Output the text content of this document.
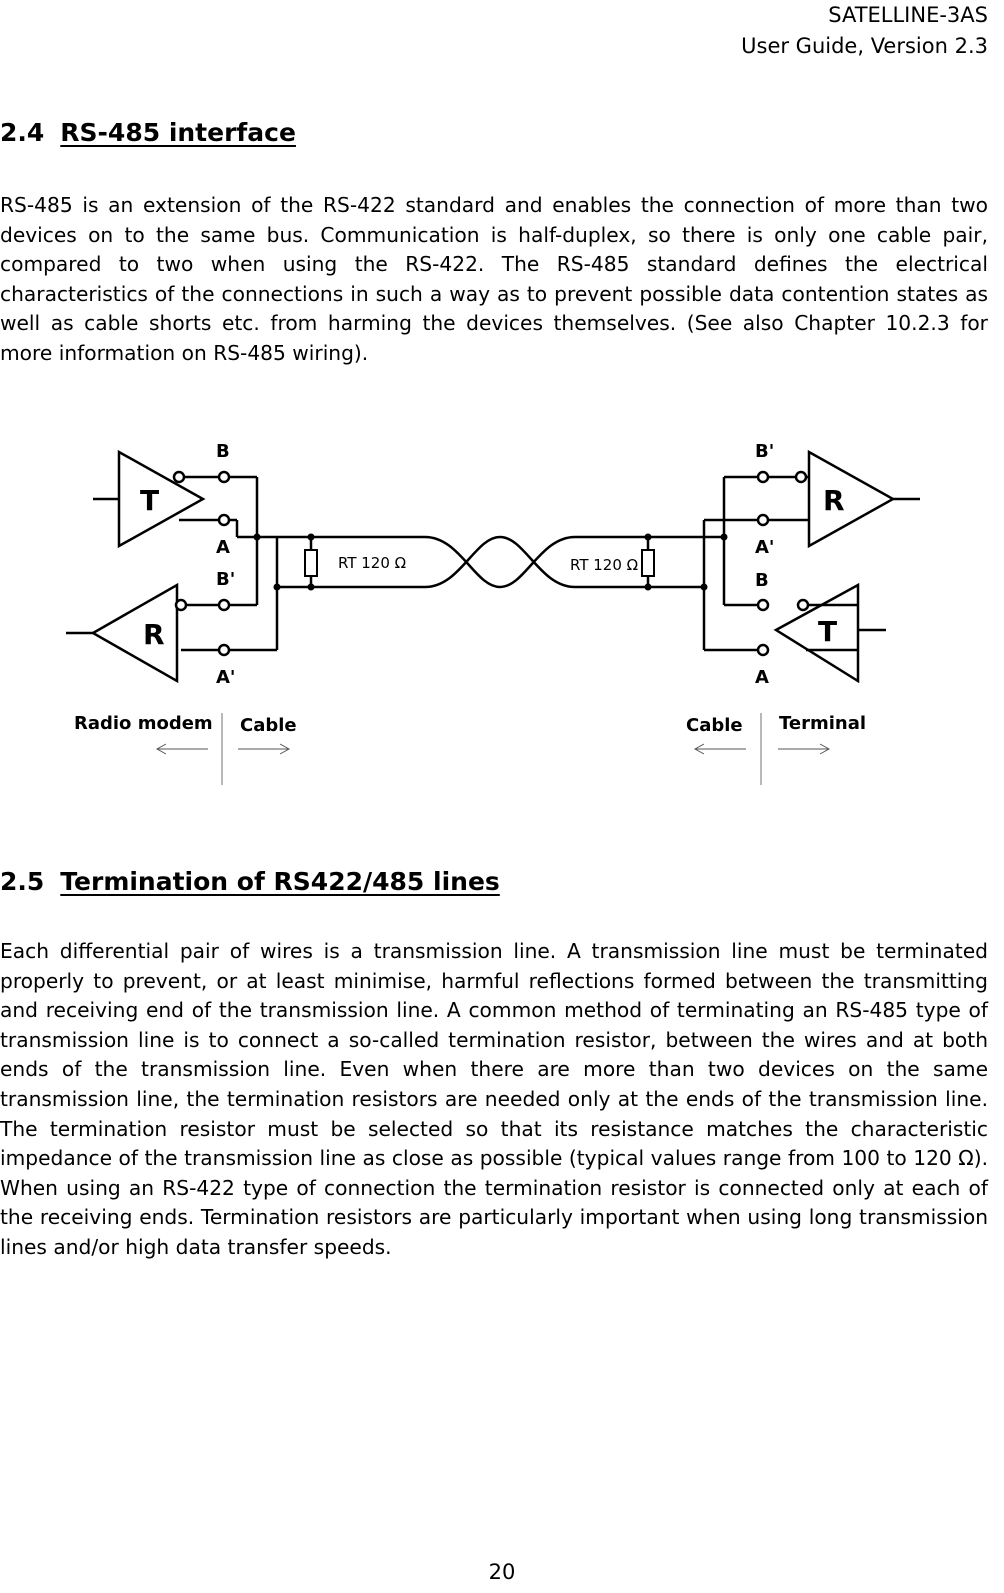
SATELLINE-3AS
User Guide, Version 2.3
2.4 RS-485 interface

RS-485 is an extension of the RS-422 standard and enables the connection of more than two devices on to the same bus. Communication is half-duplex, so there is only one cable pair, compared to two when using the RS-422. The RS-485 standard defines the electrical characteristics of the connections in such a way as to prevent possible data contention states as well as cable shorts etc. from harming the devices themselves. (See also Chapter 10.2.3 for more information on RS-485 wiring).

T
R
B
A
B'
A'
RT 120 Ω	RT 120 Ω
R
T
B'
A'
B
A
Radio modem Cable	Cable Terminal
2.5 Termination of RS422/485 lines

Each differential pair of wires is a transmission line. A transmission line must be terminated properly to prevent, or at least minimise, harmful reflections formed between the transmitting and receiving end of the transmission line. A common method of terminating an RS-485 type of transmission line is to connect a so-called termination resistor, between the wires and at both ends of the transmission line. Even when there are more than two devices on the same transmission line, the termination resistors are needed only at the ends of the transmission line. The termination resistor must be selected so that its resistance matches the characteristic impedance of the transmission line as close as possible (typical values range from 100 to 120 Ω). When using an RS-422 type of connection the termination resistor is connected only at each of the receiving ends. Termination resistors are particularly important when using long transmission lines and/or high data transfer speeds.

20
